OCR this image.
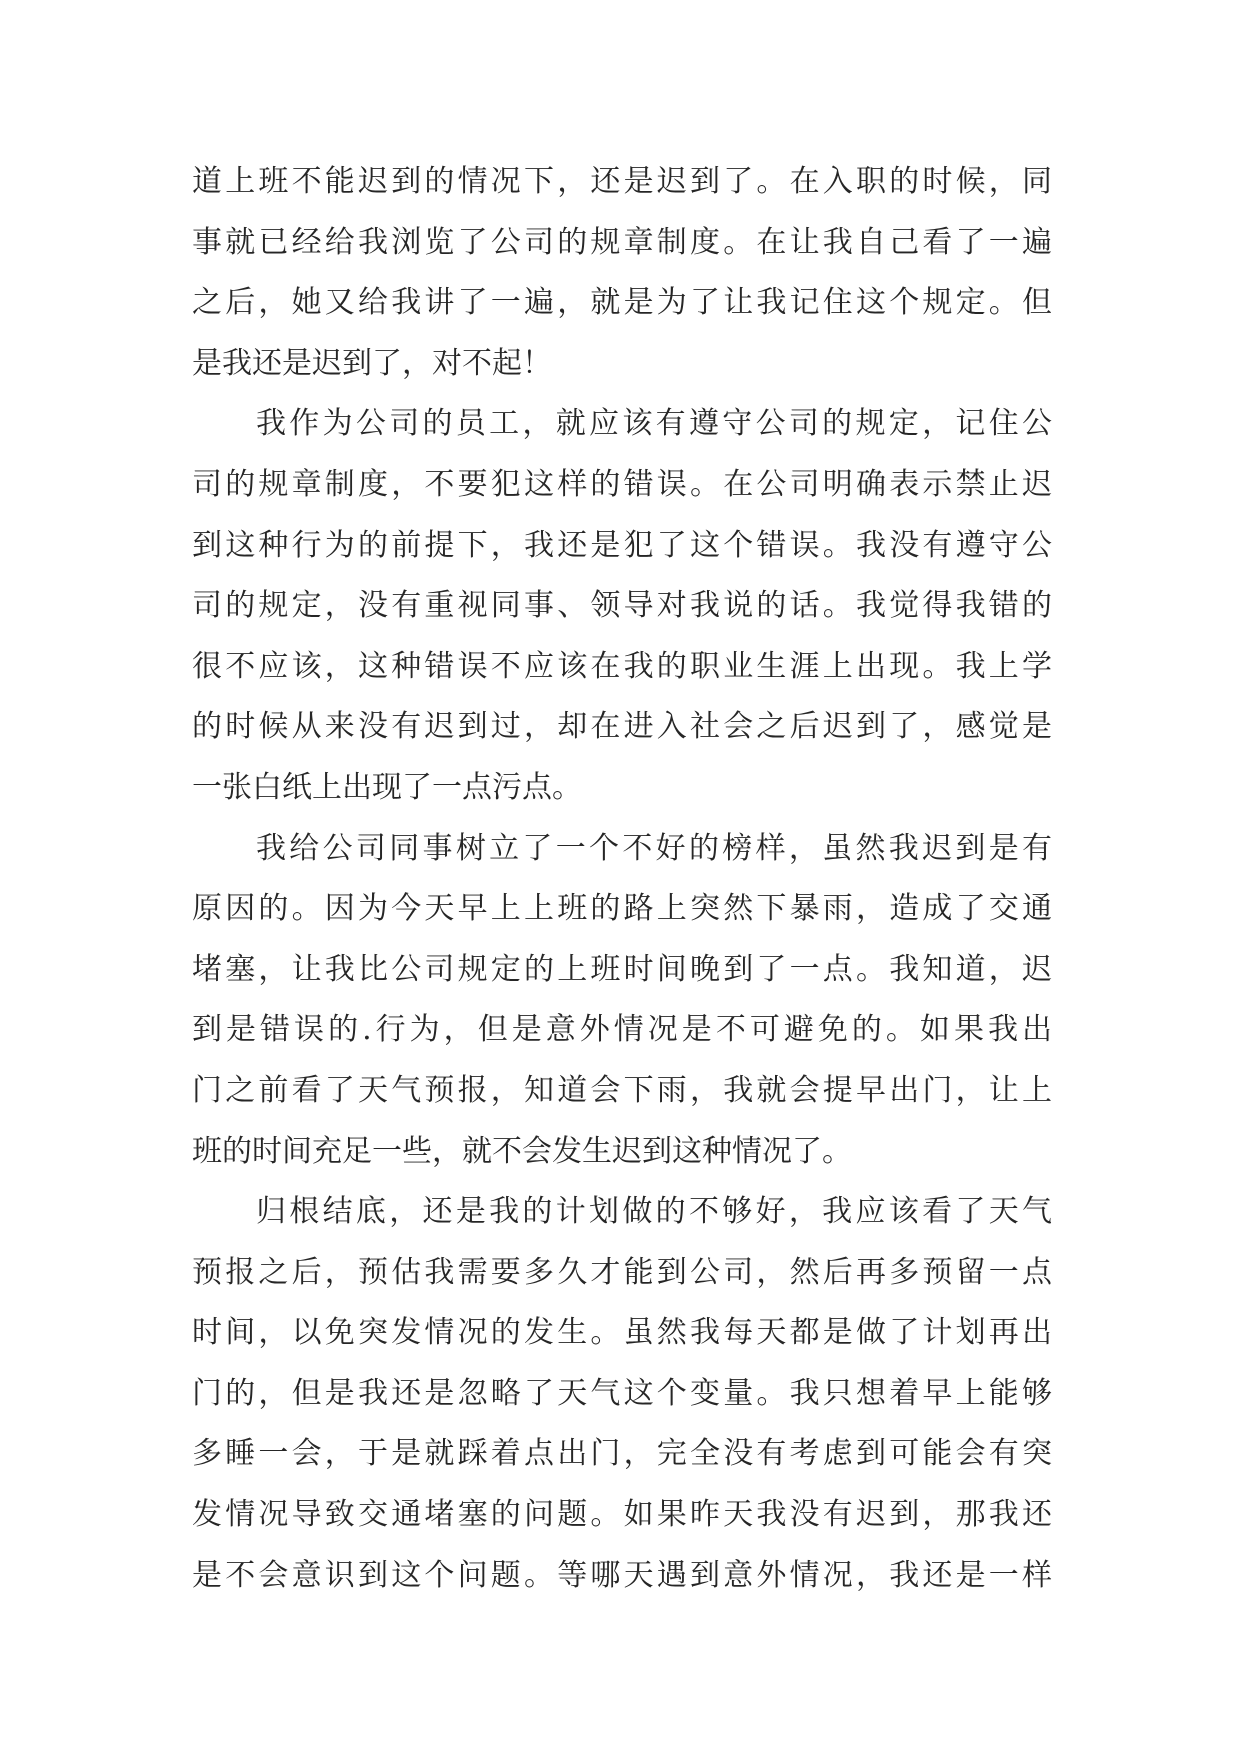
道上班不能迟到的情况下，还是迟到了。在入职的时候，同
事就已经给我浏览了公司的规章制度。在让我自己看了一遍
之后，她又给我讲了一遍，就是为了让我记住这个规定。但
是我还是迟到了，对不起！
我作为公司的员工，就应该有遵守公司的规定，记住公
司的规章制度，不要犯这样的错误。在公司明确表示禁止迟
到这种行为的前提下，我还是犯了这个错误。我没有遵守公
司的规定，没有重视同事、领导对我说的话。我觉得我错的
很不应该，这种错误不应该在我的职业生涯上出现。我上学
的时候从来没有迟到过，却在进入社会之后迟到了，感觉是
一张白纸上出现了一点污点。
我给公司同事树立了一个不好的榜样，虽然我迟到是有
原因的。因为今天早上上班的路上突然下暴雨，造成了交通
堵塞，让我比公司规定的上班时间晚到了一点。我知道，迟
到是错误的.行为，但是意外情况是不可避免的。如果我出
门之前看了天气预报，知道会下雨，我就会提早出门，让上
班的时间充足一些，就不会发生迟到这种情况了。
归根结底，还是我的计划做的不够好，我应该看了天气
预报之后，预估我需要多久才能到公司，然后再多预留一点
时间，以免突发情况的发生。虽然我每天都是做了计划再出
门的，但是我还是忽略了天气这个变量。我只想着早上能够
多睡一会，于是就踩着点出门，完全没有考虑到可能会有突
发情况导致交通堵塞的问题。如果昨天我没有迟到，那我还
是不会意识到这个问题。等哪天遇到意外情况，我还是一样
